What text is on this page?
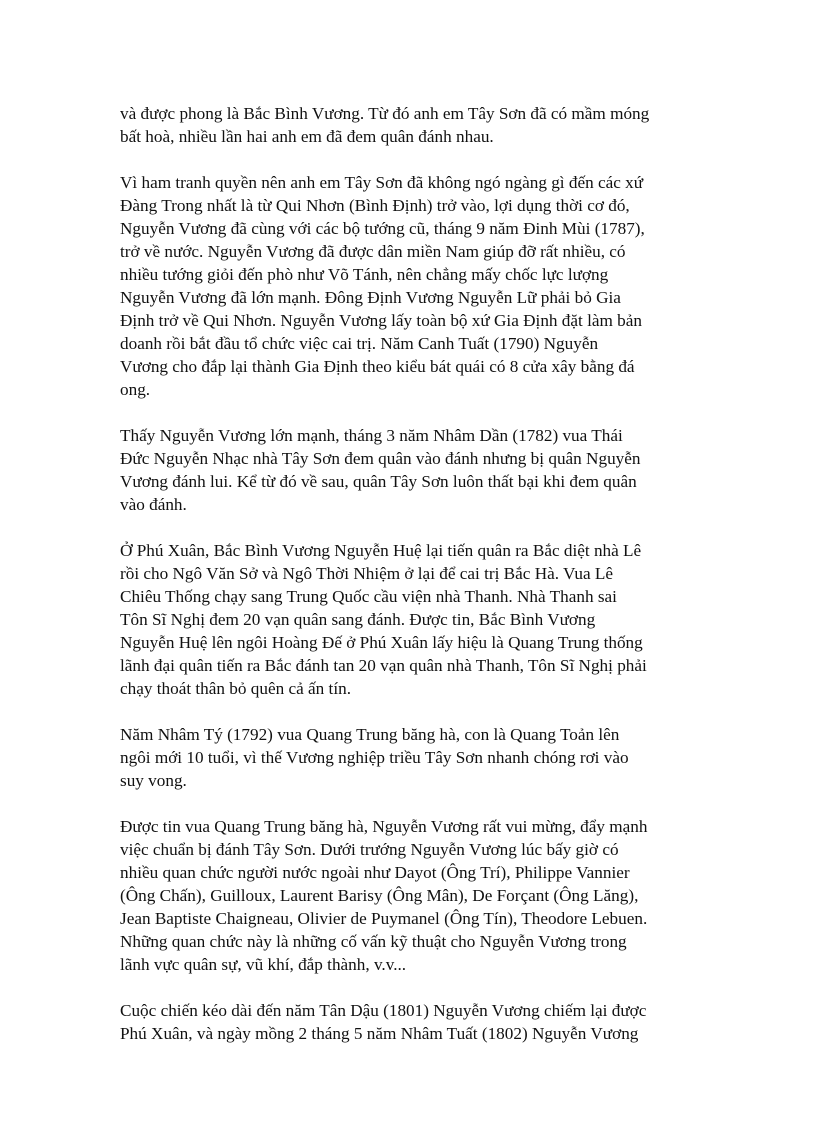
và được phong là Bắc Bình Vương. Từ đó anh em Tây Sơn đã có mầm móng
bất hoà, nhiều lần hai anh em đã đem quân đánh nhau.

Vì ham tranh quyền nên anh em Tây Sơn đã không ngó ngàng gì đến các xứ
Đàng Trong nhất là từ Qui Nhơn (Bình Định) trở vào, lợi dụng thời cơ đó,
Nguyễn Vương đã cùng với các bộ tướng cũ, tháng 9 năm Đinh Mùi (1787),
trở về nước. Nguyễn Vương đã được dân miền Nam giúp đỡ rất nhiều, có
nhiều tướng giỏi đến phò như Võ Tánh, nên chẳng mấy chốc lực lượng
Nguyễn Vương đã lớn mạnh. Đông Định Vương Nguyễn Lữ phải bỏ Gia
Định trở về Qui Nhơn. Nguyễn Vương lấy toàn bộ xứ Gia Định đặt làm bản
doanh rồi bắt đầu tổ chức việc cai trị. Năm Canh Tuất (1790) Nguyễn
Vương cho đắp lại thành Gia Định theo kiểu bát quái có 8 cửa xây bằng đá
ong.

Thấy Nguyễn Vương lớn mạnh, tháng 3 năm Nhâm Dần (1782) vua Thái
Đức Nguyễn Nhạc nhà Tây Sơn đem quân vào đánh nhưng bị quân Nguyễn
Vương đánh lui. Kể từ đó về sau, quân Tây Sơn luôn thất bại khi đem quân
vào đánh.

Ở Phú Xuân, Bắc Bình Vương Nguyễn Huệ lại tiến quân ra Bắc diệt nhà Lê
rồi cho Ngô Văn Sở và Ngô Thời Nhiệm ở lại để cai trị Bắc Hà. Vua Lê
Chiêu Thống chạy sang Trung Quốc cầu viện nhà Thanh. Nhà Thanh sai
Tôn Sĩ Nghị đem 20 vạn quân sang đánh. Được tin, Bắc Bình Vương
Nguyễn Huệ lên ngôi Hoàng Đế ở Phú Xuân lấy hiệu là Quang Trung thống
lãnh đại quân tiến ra Bắc đánh tan 20 vạn quân nhà Thanh, Tôn Sĩ Nghị phải
chạy thoát thân bỏ quên cả ấn tín.

Năm Nhâm Tý (1792) vua Quang Trung băng hà, con là Quang Toản lên
ngôi mới 10 tuổi, vì thế Vương nghiệp triều Tây Sơn nhanh chóng rơi vào
suy vong.

Được tin vua Quang Trung băng hà, Nguyễn Vương rất vui mừng, đẩy mạnh
việc chuẩn bị đánh Tây Sơn. Dưới trướng Nguyễn Vương lúc bấy giờ có
nhiều quan chức người nước ngoài như Dayot (Ông Trí), Philippe Vannier
(Ông Chấn), Guilloux, Laurent Barisy (Ông Mân), De Forçant (Ông Lăng),
Jean Baptiste Chaigneau, Olivier de Puymanel (Ông Tín), Theodore Lebuen.
Những quan chức này là những cố vấn kỹ thuật cho Nguyễn Vương trong
lãnh vực quân sự, vũ khí, đắp thành, v.v...

Cuộc chiến kéo dài đến năm Tân Dậu (1801) Nguyễn Vương chiếm lại được
Phú Xuân, và ngày mồng 2 tháng 5 năm Nhâm Tuất (1802) Nguyễn Vương
